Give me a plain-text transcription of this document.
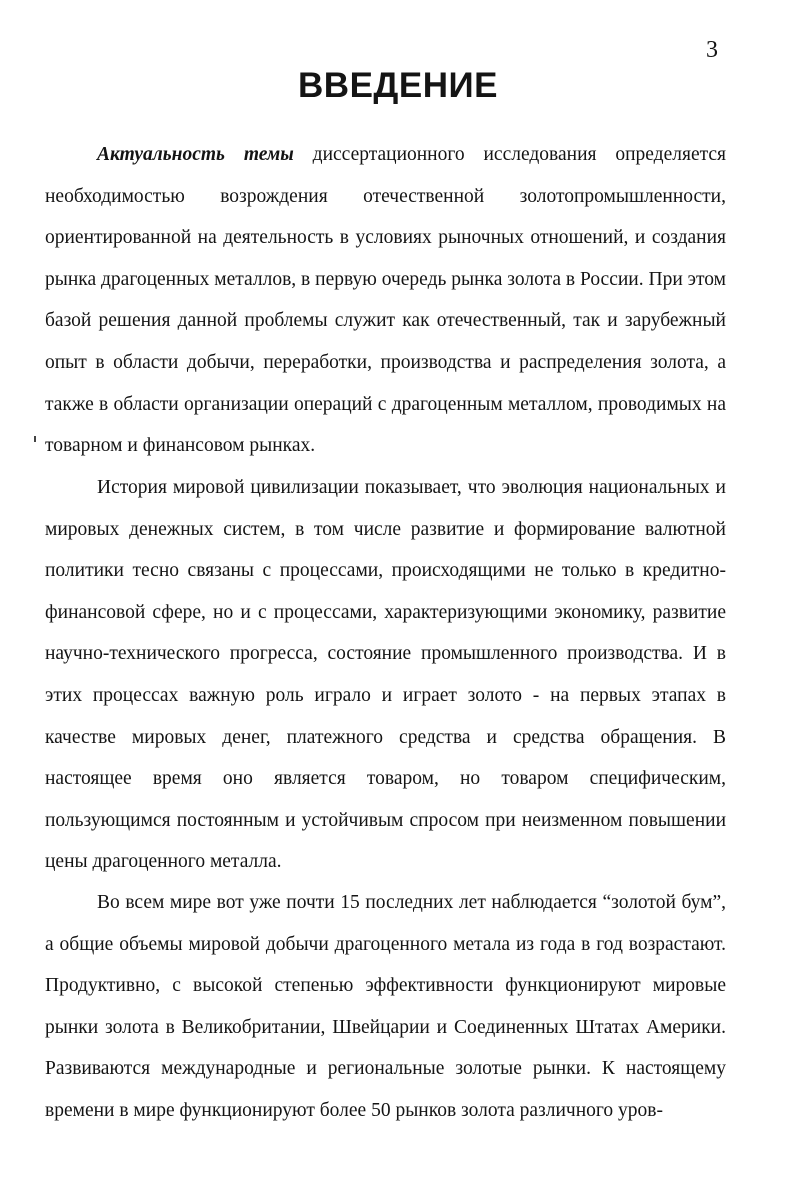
3
ВВЕДЕНИЕ

Актуальность темы диссертационного исследования определяется необходимостью возрождения отечественной золотопромышленности, ориентированной на деятельность в условиях рыночных отношений, и создания рынка драгоценных металлов, в первую очередь рынка золота в России. При этом базой решения данной проблемы служит как отечественный, так и зарубежный опыт в области добычи, переработки, производства и распределения золота, а также в области организации операций с драгоценным металлом, проводимых на товарном и финансовом рынках.

История мировой цивилизации показывает, что эволюция национальных и мировых денежных систем, в том числе развитие и формирование валютной политики тесно связаны с процессами, происходящими не только в кредитно-финансовой сфере, но и с процессами, характеризующими экономику, развитие научно-технического прогресса, состояние промышленного производства. И в этих процессах важную роль играло и играет золото - на первых этапах в качестве мировых денег, платежного средства и средства обращения. В настоящее время оно является товаром, но товаром специфическим, пользующимся постоянным и устойчивым спросом при неизменном повышении цены драгоценного металла.

Во всем мире вот уже почти 15 последних лет наблюдается “золотой бум”, а общие объемы мировой добычи драгоценного метала из года в год возрастают. Продуктивно, с высокой степенью эффективности функционируют мировые рынки золота в Великобритании, Швейцарии и Соединенных Штатах Америки. Развиваются международные и региональные золотые рынки. К настоящему времени в мире функционируют более 50 рынков золота различного уров-
